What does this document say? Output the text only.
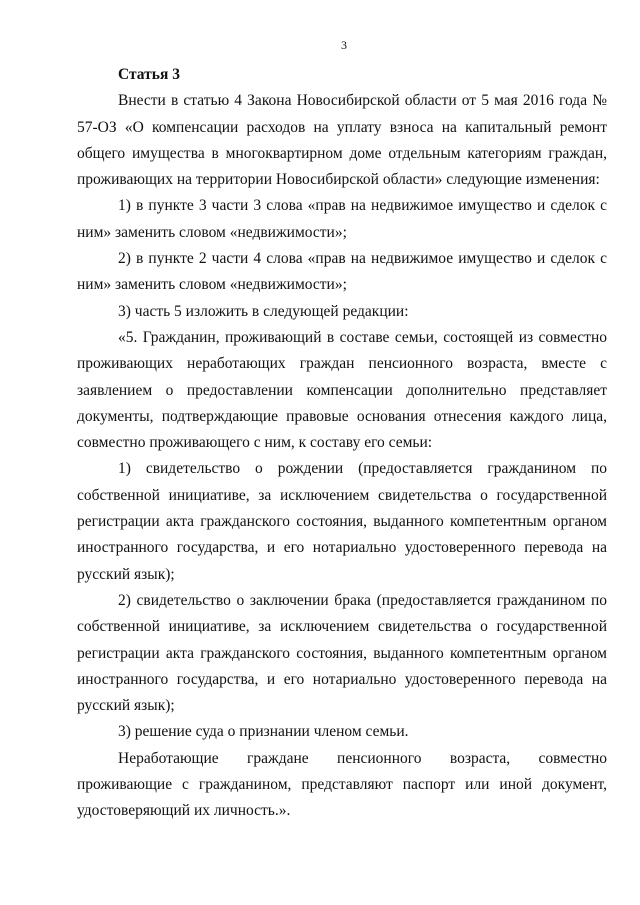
3

Статья 3

Внести в статью 4 Закона Новосибирской области от 5 мая 2016 года № 57-ОЗ «О компенсации расходов на уплату взноса на капитальный ремонт общего имущества в многоквартирном доме отдельным категориям граждан, проживающих на территории Новосибирской области» следующие изменения:

1) в пункте 3 части 3 слова «прав на недвижимое имущество и сделок с ним» заменить словом «недвижимости»;

2) в пункте 2 части 4 слова «прав на недвижимое имущество и сделок с ним» заменить словом «недвижимости»;

3) часть 5 изложить в следующей редакции:

«5. Гражданин, проживающий в составе семьи, состоящей из совместно проживающих неработающих граждан пенсионного возраста, вместе с заявлением о предоставлении компенсации дополнительно представляет документы, подтверждающие правовые основания отнесения каждого лица, совместно проживающего с ним, к составу его семьи:

1) свидетельство о рождении (предоставляется гражданином по собственной инициативе, за исключением свидетельства о государственной регистрации акта гражданского состояния, выданного компетентным органом иностранного государства, и его нотариально удостоверенного перевода на русский язык);

2) свидетельство о заключении брака (предоставляется гражданином по собственной инициативе, за исключением свидетельства о государственной регистрации акта гражданского состояния, выданного компетентным органом иностранного государства, и его нотариально удостоверенного перевода на русский язык);

3) решение суда о признании членом семьи.

Неработающие граждане пенсионного возраста, совместно проживающие с гражданином, представляют паспорт или иной документ, удостоверяющий их личность.».
